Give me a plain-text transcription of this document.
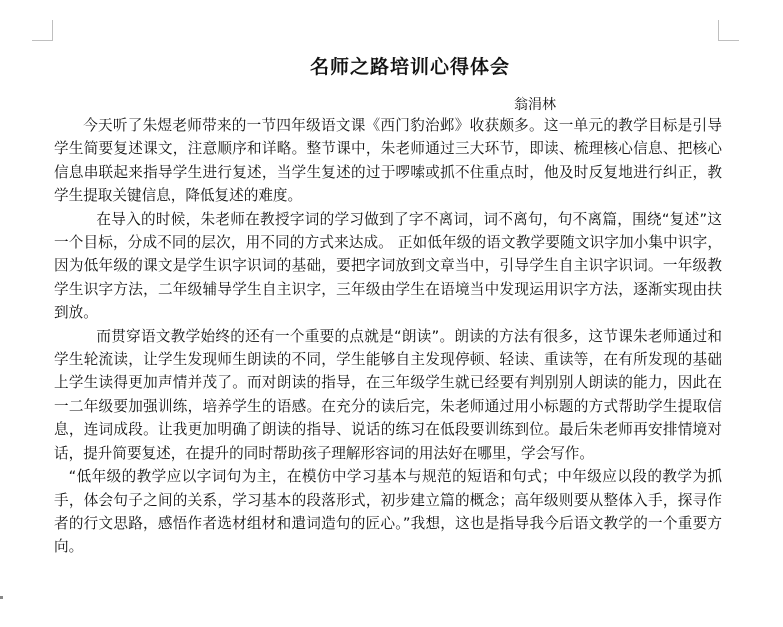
名师之路培训心得体会
翁涓林

今天听了朱煜老师带来的一节四年级语文课《西门豹治邺》收获颇多。这一单元的教学目标是引导学生简要复述课文，注意顺序和详略。整节课中，朱老师通过三大环节，即读、梳理核心信息、把核心信息串联起来指导学生进行复述，当学生复述的过于啰嗦或抓不住重点时，他及时反复地进行纠正，教学生提取关键信息，降低复述的难度。

在导入的时候，朱老师在教授字词的学习做到了字不离词，词不离句，句不离篇，围绕“复述”这一个目标，分成不同的层次，用不同的方式来达成。 正如低年级的语文教学要随文识字加小集中识字，因为低年级的课文是学生识字识词的基础，要把字词放到文章当中，引导学生自主识字识词。一年级教学生识字方法，二年级辅导学生自主识字，三年级由学生在语境当中发现运用识字方法，逐渐实现由扶到放。

而贯穿语文教学始终的还有一个重要的点就是“朗读”。朗读的方法有很多，这节课朱老师通过和学生轮流读，让学生发现师生朗读的不同，学生能够自主发现停顿、轻读、重读等，在有所发现的基础上学生读得更加声情并茂了。而对朗读的指导，在三年级学生就已经要有判别别人朗读的能力，因此在一二年级要加强训练，培养学生的语感。在充分的读后完，朱老师通过用小标题的方式帮助学生提取信息，连词成段。让我更加明确了朗读的指导、说话的练习在低段要训练到位。最后朱老师再安排情境对话，提升简要复述，在提升的同时帮助孩子理解形容词的用法好在哪里，学会写作。

“低年级的教学应以字词句为主，在模仿中学习基本与规范的短语和句式；中年级应以段的教学为抓手，体会句子之间的关系，学习基本的段落形式，初步建立篇的概念；高年级则要从整体入手，探寻作者的行文思路，感悟作者选材组材和遣词造句的匠心。”我想，这也是指导我今后语文教学的一个重要方向。
